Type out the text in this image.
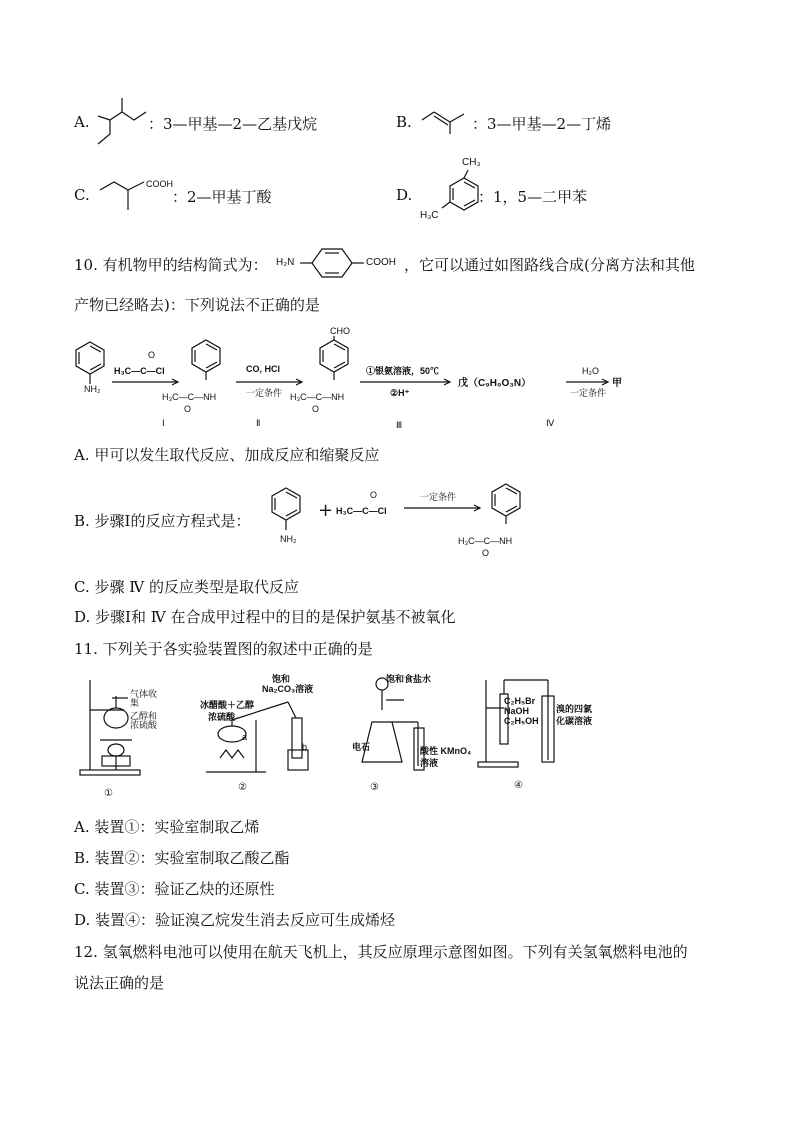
A.	：3—甲基—2—乙基戊烷	B.	：3—甲基—2—丁烯
C.
COOH
：2—甲基丁酸	D.
CH₃
H₃C
：1，5—二甲苯
10. 有机物甲的结构简式为： H₂N	COOH ，它可以通过如图路线合成(分离方法和其他
产物已经略去)：下列说法不正确的是
NH₂
O
H₃C—C—Cl
H₃C—C—NH
O
CO, HCl
一定条件
CHO
H₃C—C—NH
O
①银氨溶液，50℃
②H⁺
戊（C₉H₉O₃N）
H₂O
一定条件
甲
Ⅰ	Ⅱ	Ⅲ	Ⅳ
A. 甲可以发生取代反应、加成反应和缩聚反应
B. 步骤Ⅰ的反应方程式是：
NH₂
+
O
H₃C—C—Cl
一定条件
H₃C—C—NH
O
C. 步骤 Ⅳ 的反应类型是取代反应
D. 步骤Ⅰ和 Ⅳ 在合成甲过程中的目的是保护氨基不被氧化
11. 下列关于各实验装置图的叙述中正确的是
气体收集
乙醇和浓硫酸
①
冰醋酸＋乙醇
浓硫酸
饱和
Na₂CO₃溶液
a
b
②
饱和食盐水
电石	酸性 KMnO₄
溶液
③
C₂H₅Br
NaOH
C₂H₅OH
溴的四氯
化碳溶液
④
A. 装置①：实验室制取乙烯
B. 装置②：实验室制取乙酸乙酯
C. 装置③：验证乙炔的还原性
D. 装置④：验证溴乙烷发生消去反应可生成烯烃
12. 氢氧燃料电池可以使用在航天飞机上，其反应原理示意图如图。下列有关氢氧燃料电池的
说法正确的是
